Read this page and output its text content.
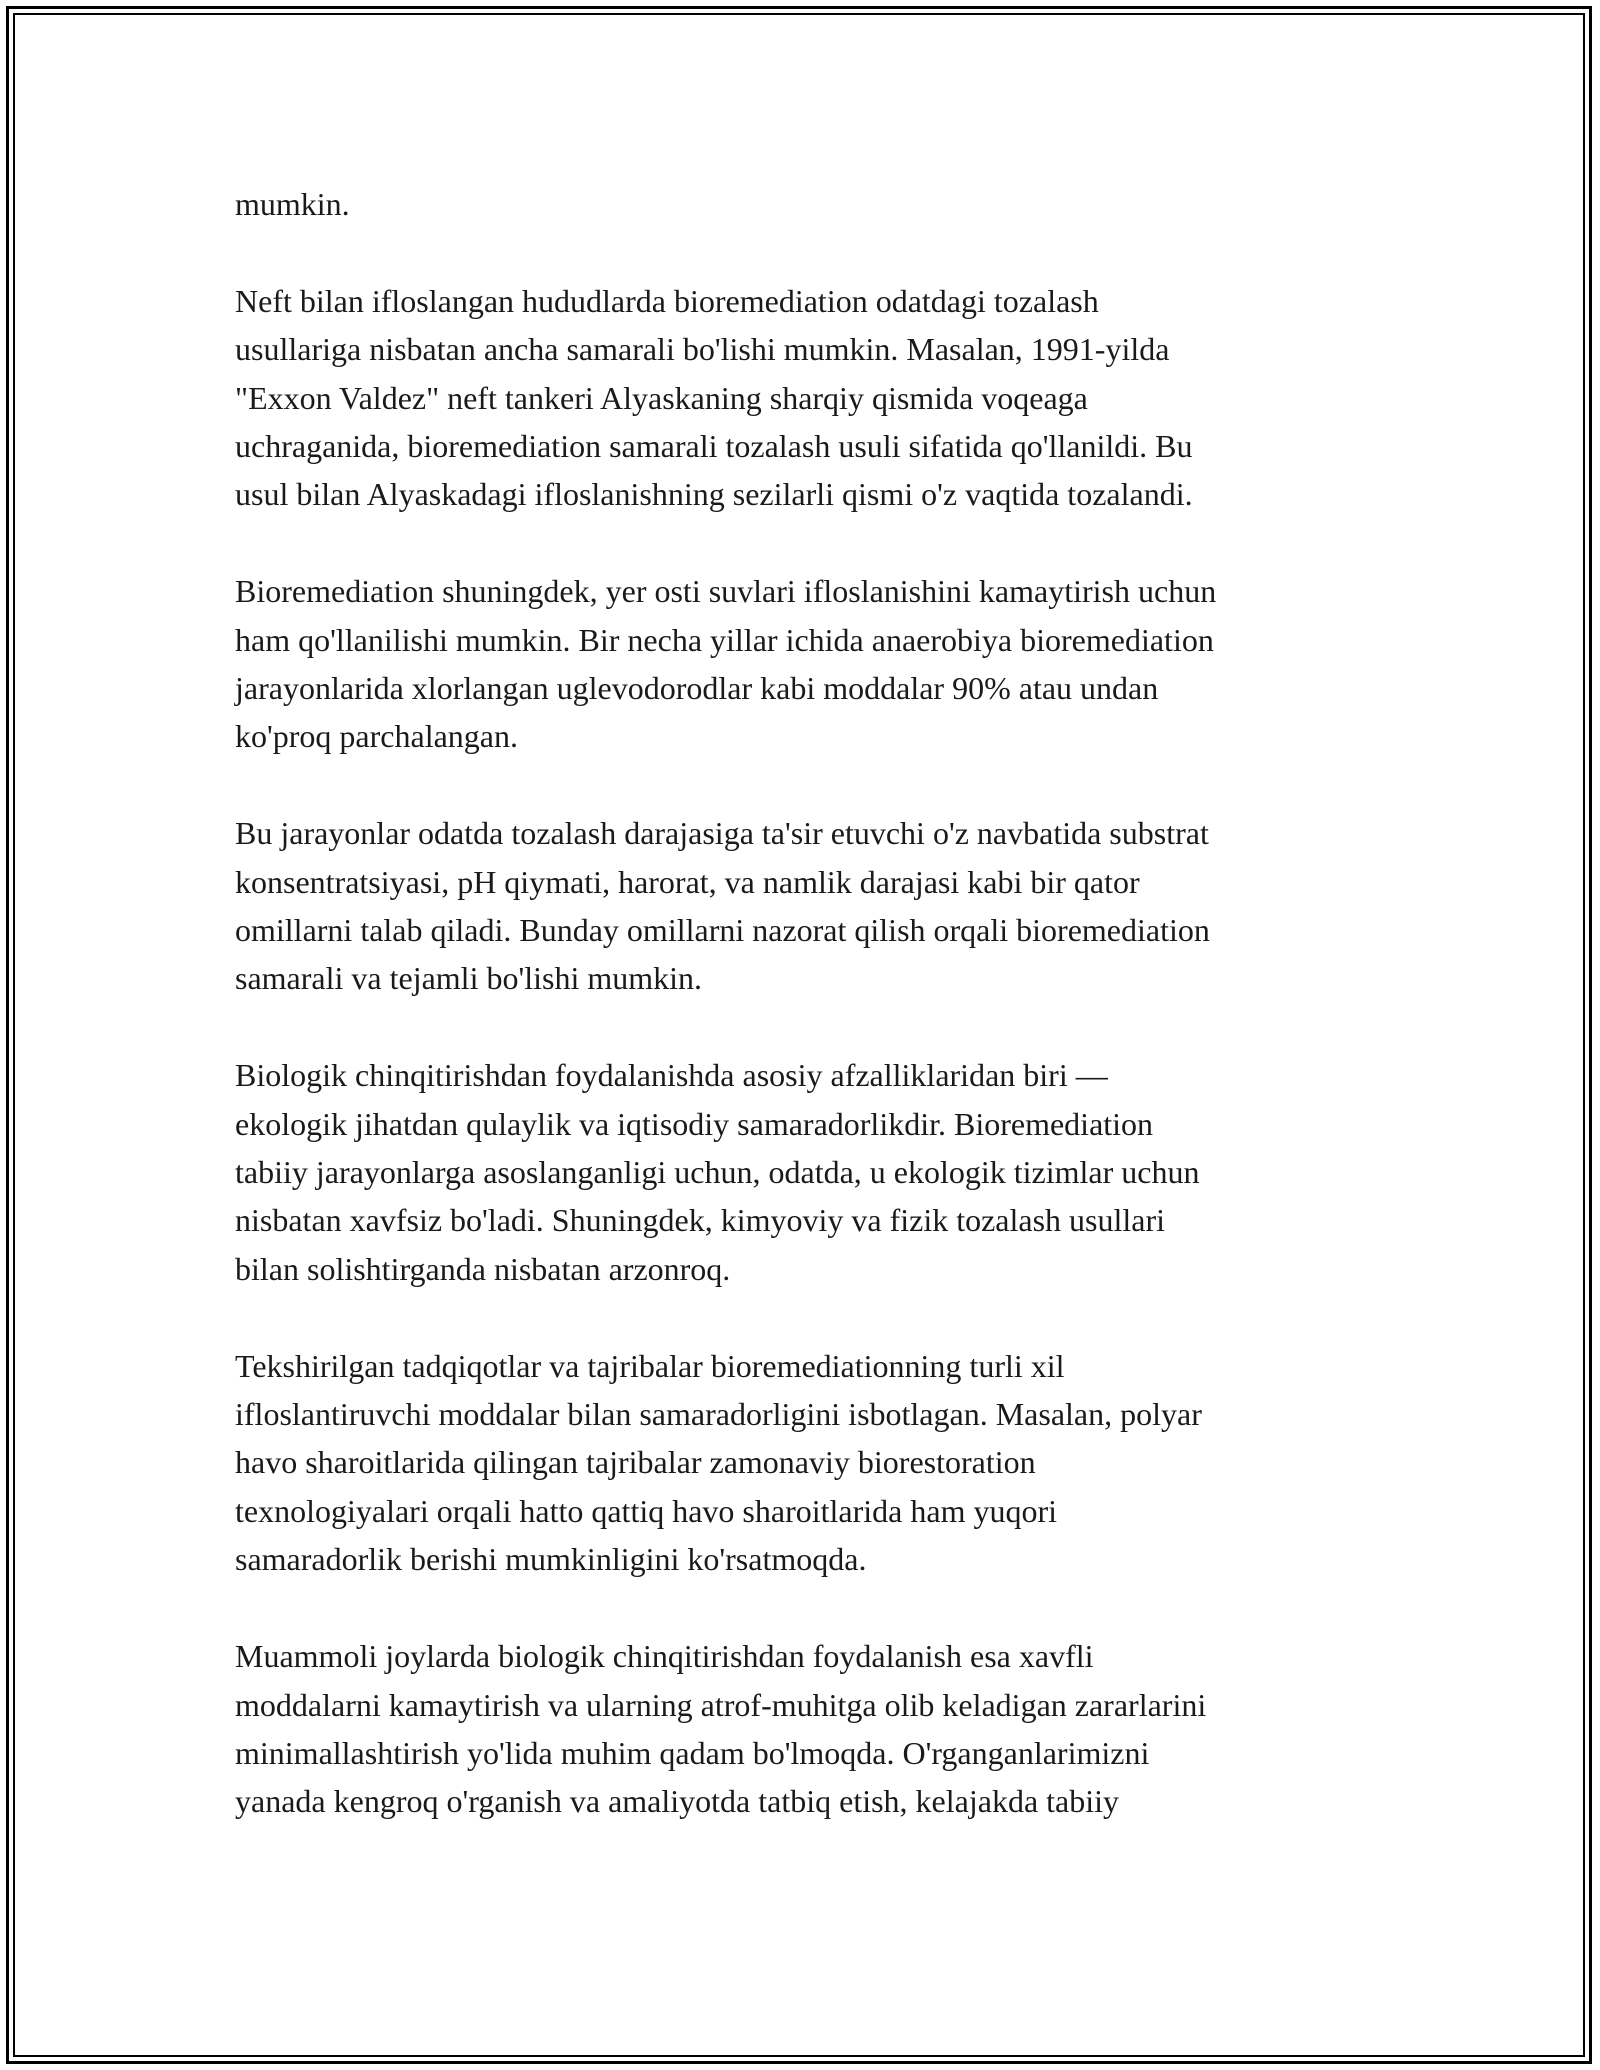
mumkin.

Neft bilan ifloslangan hududlarda bioremediation odatdagi tozalash
usullariga nisbatan ancha samarali bo'lishi mumkin. Masalan, 1991-yilda
"Exxon Valdez" neft tankeri Alyaskaning sharqiy qismida voqeaga
uchraganida, bioremediation samarali tozalash usuli sifatida qo'llanildi. Bu
usul bilan Alyaskadagi ifloslanishning sezilarli qismi o'z vaqtida tozalandi.

Bioremediation shuningdek, yer osti suvlari ifloslanishini kamaytirish uchun
ham qo'llanilishi mumkin. Bir necha yillar ichida anaerobiya bioremediation
jarayonlarida xlorlangan uglevodorodlar kabi moddalar 90% atau undan
ko'proq parchalangan.

Bu jarayonlar odatda tozalash darajasiga ta'sir etuvchi o'z navbatida substrat
konsentratsiyasi, pH qiymati, harorat, va namlik darajasi kabi bir qator
omillarni talab qiladi. Bunday omillarni nazorat qilish orqali bioremediation
samarali va tejamli bo'lishi mumkin.

Biologik chinqitirishdan foydalanishda asosiy afzalliklaridan biri —
ekologik jihatdan qulaylik va iqtisodiy samaradorlikdir. Bioremediation
tabiiy jarayonlarga asoslanganligi uchun, odatda, u ekologik tizimlar uchun
nisbatan xavfsiz bo'ladi. Shuningdek, kimyoviy va fizik tozalash usullari
bilan solishtirganda nisbatan arzonroq.

Tekshirilgan tadqiqotlar va tajribalar bioremediationning turli xil
ifloslantiruvchi moddalar bilan samaradorligini isbotlagan. Masalan, polyar
havo sharoitlarida qilingan tajribalar zamonaviy biorestoration
texnologiyalari orqali hatto qattiq havo sharoitlarida ham yuqori
samaradorlik berishi mumkinligini ko'rsatmoqda.

Muammoli joylarda biologik chinqitirishdan foydalanish esa xavfli
moddalarni kamaytirish va ularning atrof-muhitga olib keladigan zararlarini
minimallashtirish yo'lida muhim qadam bo'lmoqda. O'rganganlarimizni
yanada kengroq o'rganish va amaliyotda tatbiq etish, kelajakda tabiiy
